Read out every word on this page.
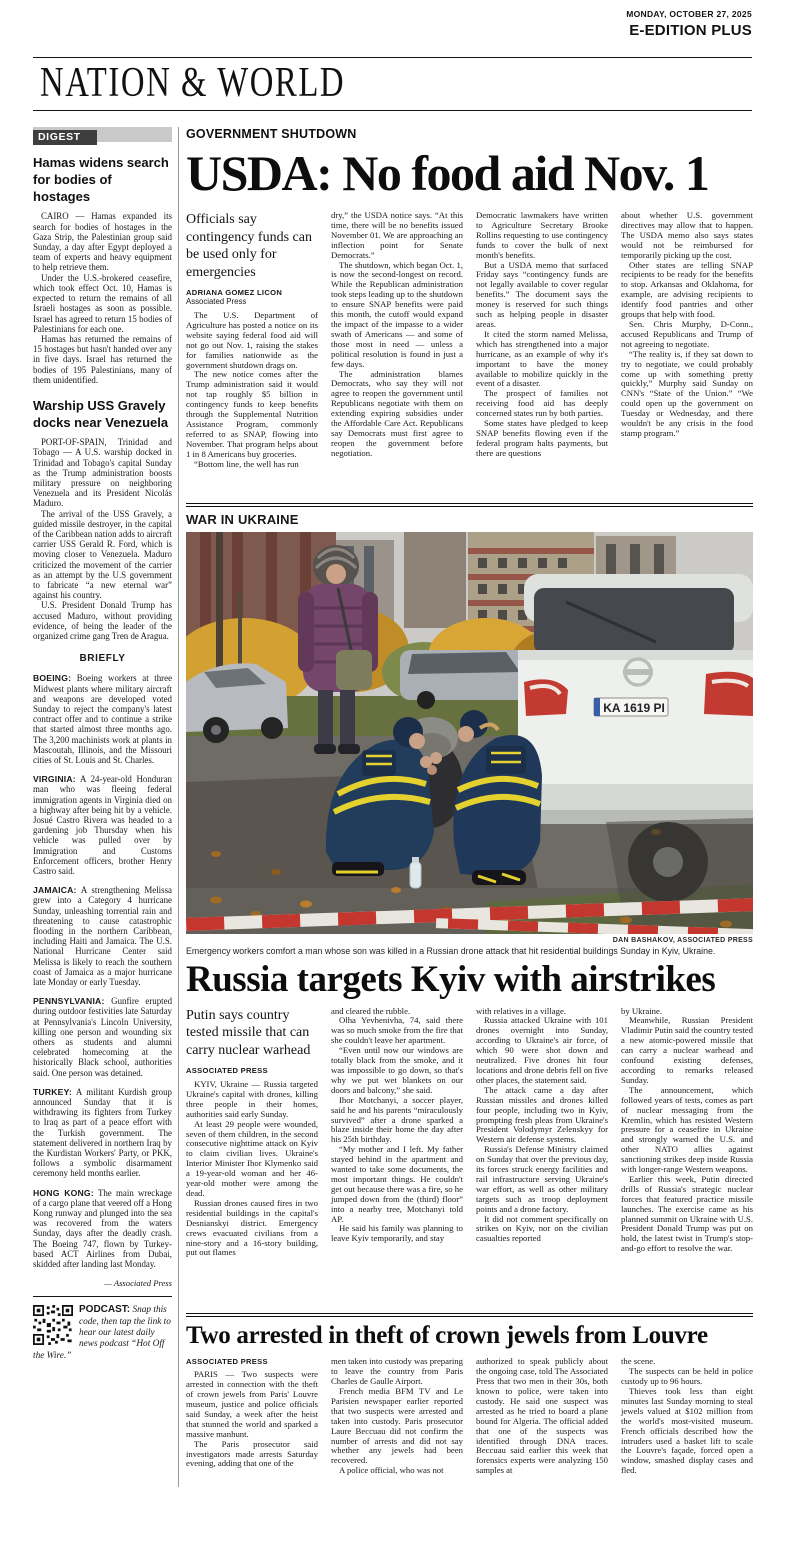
MONDAY, OCTOBER 27, 2025
E-EDITION PLUS
NATION & WORLD
DIGEST
Hamas widens search for bodies of hostages

CAIRO — Hamas expanded its search for bodies of hostages in the Gaza Strip, the Palestinian group said Sunday, a day after Egypt deployed a team of experts and heavy equipment to help retrieve them.

Under the U.S.-brokered ceasefire, which took effect Oct. 10, Hamas is expected to return the remains of all Israeli hostages as soon as possible. Israel has agreed to return 15 bodies of Palestinians for each one.

Hamas has returned the remains of 15 hostages but hasn't handed over any in five days. Israel has returned the bodies of 195 Palestinians, many of them unidentified.

Warship USS Gravely docks near Venezuela

PORT-OF-SPAIN, Trinidad and Tobago — A U.S. warship docked in Trinidad and Tobago's capital Sunday as the Trump administration boosts military pressure on neighboring Venezuela and its President Nicolás Maduro.

The arrival of the USS Gravely, a guided missile destroyer, in the capital of the Caribbean nation adds to aircraft carrier USS Gerald R. Ford, which is moving closer to Venezuela. Maduro criticized the movement of the carrier as an attempt by the U.S government to fabricate “a new eternal war” against his country.

U.S. President Donald Trump has accused Maduro, without providing evidence, of being the leader of the organized crime gang Tren de Aragua.

BRIEFLY

BOEING: Boeing workers at three Midwest plants where military aircraft and weapons are developed voted Sunday to reject the company's latest contract offer and to continue a strike that started almost three months ago. The 3,200 machinists work at plants in Mascoutah, Illinois, and the Missouri cities of St. Louis and St. Charles.

VIRGINIA: A 24-year-old Honduran man who was fleeing federal immigration agents in Virginia died on a highway after being hit by a vehicle. Josué Castro Rivera was headed to a gardening job Thursday when his vehicle was pulled over by Immigration and Customs Enforcement officers, brother Henry Castro said.

JAMAICA: A strengthening Melissa grew into a Category 4 hurricane Sunday, unleashing torrential rain and threatening to cause catastrophic flooding in the northern Caribbean, including Haiti and Jamaica. The U.S. National Hurricane Center said Melissa is likely to reach the southern coast of Jamaica as a major hurricane late Monday or early Tuesday.

PENNSYLVANIA: Gunfire erupted during outdoor festivities late Saturday at Pennsylvania's Lincoln University, killing one person and wounding six others as students and alumni celebrated homecoming at the historically Black school, authorities said. One person was detained.

TURKEY: A militant Kurdish group announced Sunday that it is withdrawing its fighters from Turkey to Iraq as part of a peace effort with the Turkish government. The statement delivered in northern Iraq by the Kurdistan Workers' Party, or PKK, follows a symbolic disarmament ceremony held months earlier.

HONG KONG: The main wreckage of a cargo plane that veered off a Hong Kong runway and plunged into the sea was recovered from the waters Sunday, days after the deadly crash. The Boeing 747, flown by Turkey-based ACT Airlines from Dubai, skidded after landing last Monday.

— Associated Press

PODCAST: Snap this code, then tap the link to hear our latest daily news podcast “Hot Off the Wire.”

GOVERNMENT SHUTDOWN
USDA: No food aid Nov. 1
Officials say contingency funds can be used only for emergencies
ADRIANA GOMEZ LICON
Associated Press

The U.S. Department of Agriculture has posted a notice on its website saying federal food aid will not go out Nov. 1, raising the stakes for families nationwide as the government shutdown drags on.

The new notice comes after the Trump administration said it would not tap roughly $5 billion in contingency funds to keep benefits through the Supplemental Nutrition Assistance Program, commonly referred to as SNAP, flowing into November. That program helps about 1 in 8 Americans buy groceries.

“Bottom line, the well has run

dry,” the USDA notice says. “At this time, there will be no benefits issued November 01. We are approaching an inflection point for Senate Democrats.”

The shutdown, which began Oct. 1, is now the second-longest on record. While the Republican administration took steps leading up to the shutdown to ensure SNAP benefits were paid this month, the cutoff would expand the impact of the impasse to a wider swath of Americans — and some of those most in need — unless a political resolution is found in just a few days.

The administration blames Democrats, who say they will not agree to reopen the government until Republicans negotiate with them on extending expiring subsidies under the Affordable Care Act. Republicans say Democrats must first agree to reopen the government before negotiation.

Democratic lawmakers have written to Agriculture Secretary Brooke Rollins requesting to use contingency funds to cover the bulk of next month's benefits.

But a USDA memo that surfaced Friday says “contingency funds are not legally available to cover regular benefits.” The document says the money is reserved for such things such as helping people in disaster areas.

It cited the storm named Melissa, which has strengthened into a major hurricane, as an example of why it's important to have the money available to mobilize quickly in the event of a disaster.

The prospect of families not receiving food aid has deeply concerned states run by both parties.

Some states have pledged to keep SNAP benefits flowing even if the federal program halts payments, but there are questions

about whether U.S. government directives may allow that to happen. The USDA memo also says states would not be reimbursed for temporarily picking up the cost.

Other states are telling SNAP recipients to be ready for the benefits to stop. Arkansas and Oklahoma, for example, are advising recipients to identify food pantries and other groups that help with food.

Sen. Chris Murphy, D-Conn., accused Republicans and Trump of not agreeing to negotiate.

“The reality is, if they sat down to try to negotiate, we could probably come up with something pretty quickly,” Murphy said Sunday on CNN's “State of the Union.” “We could open up the government on Tuesday or Wednesday, and there wouldn't be any crisis in the food stamp program.”

WAR IN UKRAINE
KA 1619 PI
DAN BASHAKOV, ASSOCIATED PRESS
Emergency workers comfort a man whose son was killed in a Russian drone attack that hit residential buildings Sunday in Kyiv, Ukraine.
Russia targets Kyiv with airstrikes
Putin says country tested missile that can carry nuclear warhead
ASSOCIATED PRESS

KYIV, Ukraine — Russia targeted Ukraine's capital with drones, killing three people in their homes, authorities said early Sunday.

At least 29 people were wounded, seven of them children, in the second consecutive nighttime attack on Kyiv to claim civilian lives. Ukraine's Interior Minister Ihor Klymenko said a 19-year-old woman and her 46-year-old mother were among the dead.

Russian drones caused fires in two residential buildings in the capital's Desnianskyi district. Emergency crews evacuated civilians from a nine-story and a 16-story building, put out flames

and cleared the rubble.

Olha Yevhenivha, 74, said there was so much smoke from the fire that she couldn't leave her apartment.

“Even until now our windows are totally black from the smoke, and it was impossible to go down, so that's why we put wet blankets on our doors and balcony,” she said.

Ihor Motchanyi, a soccer player, said he and his parents “miraculously survived” after a drone sparked a blaze inside their home the day after his 25th birthday.

“My mother and I left. My father stayed behind in the apartment and wanted to take some documents, the most important things. He couldn't get out because there was a fire, so he jumped down from the (third) floor” into a nearby tree, Motchanyi told AP.

He said his family was planning to leave Kyiv temporarily, and stay

with relatives in a village.

Russia attacked Ukraine with 101 drones overnight into Sunday, according to Ukraine's air force, of which 90 were shot down and neutralized. Five drones hit four locations and drone debris fell on five other places, the statement said.

The attack came a day after Russian missiles and drones killed four people, including two in Kyiv, prompting fresh pleas from Ukraine's President Volodymyr Zelenskyy for Western air defense systems.

Russia's Defense Ministry claimed on Sunday that over the previous day, its forces struck energy facilities and rail infrastructure serving Ukraine's war effort, as well as other military targets such as troop deployment points and a drone factory.

It did not comment specifically on strikes on Kyiv, nor on the civilian casualties reported

by Ukraine.

Meanwhile, Russian President Vladimir Putin said the country tested a new atomic-powered missile that can carry a nuclear warhead and confound existing defenses, according to remarks released Sunday.

The announcement, which followed years of tests, comes as part of nuclear messaging from the Kremlin, which has resisted Western pressure for a ceasefire in Ukraine and strongly warned the U.S. and other NATO allies against sanctioning strikes deep inside Russia with longer-range Western weapons.

Earlier this week, Putin directed drills of Russia's strategic nuclear forces that featured practice missile launches. The exercise came as his planned summit on Ukraine with U.S. President Donald Trump was put on hold, the latest twist in Trump's stop-and-go effort to resolve the war.

Two arrested in theft of crown jewels from Louvre
ASSOCIATED PRESS

PARIS — Two suspects were arrested in connection with the theft of crown jewels from Paris' Louvre museum, justice and police officials said Sunday, a week after the heist that stunned the world and sparked a massive manhunt.

The Paris prosecutor said investigators made arrests Saturday evening, adding that one of the

men taken into custody was preparing to leave the country from Paris Charles de Gaulle Airport.

French media BFM TV and Le Parisien newspaper earlier reported that two suspects were arrested and taken into custody. Paris prosecutor Laure Beccuau did not confirm the number of arrests and did not say whether any jewels had been recovered.

A police official, who was not

authorized to speak publicly about the ongoing case, told The Associated Press that two men in their 30s, both known to police, were taken into custody. He said one suspect was arrested as he tried to board a plane bound for Algeria. The official added that one of the suspects was identified through DNA traces. Beccuau said earlier this week that forensics experts were analyzing 150 samples at

the scene.

The suspects can be held in police custody up to 96 hours.

Thieves took less than eight minutes last Sunday morning to steal jewels valued at $102 million from the world's most-visited museum. French officials described how the intruders used a basket lift to scale the Louvre's façade, forced open a window, smashed display cases and fled.
